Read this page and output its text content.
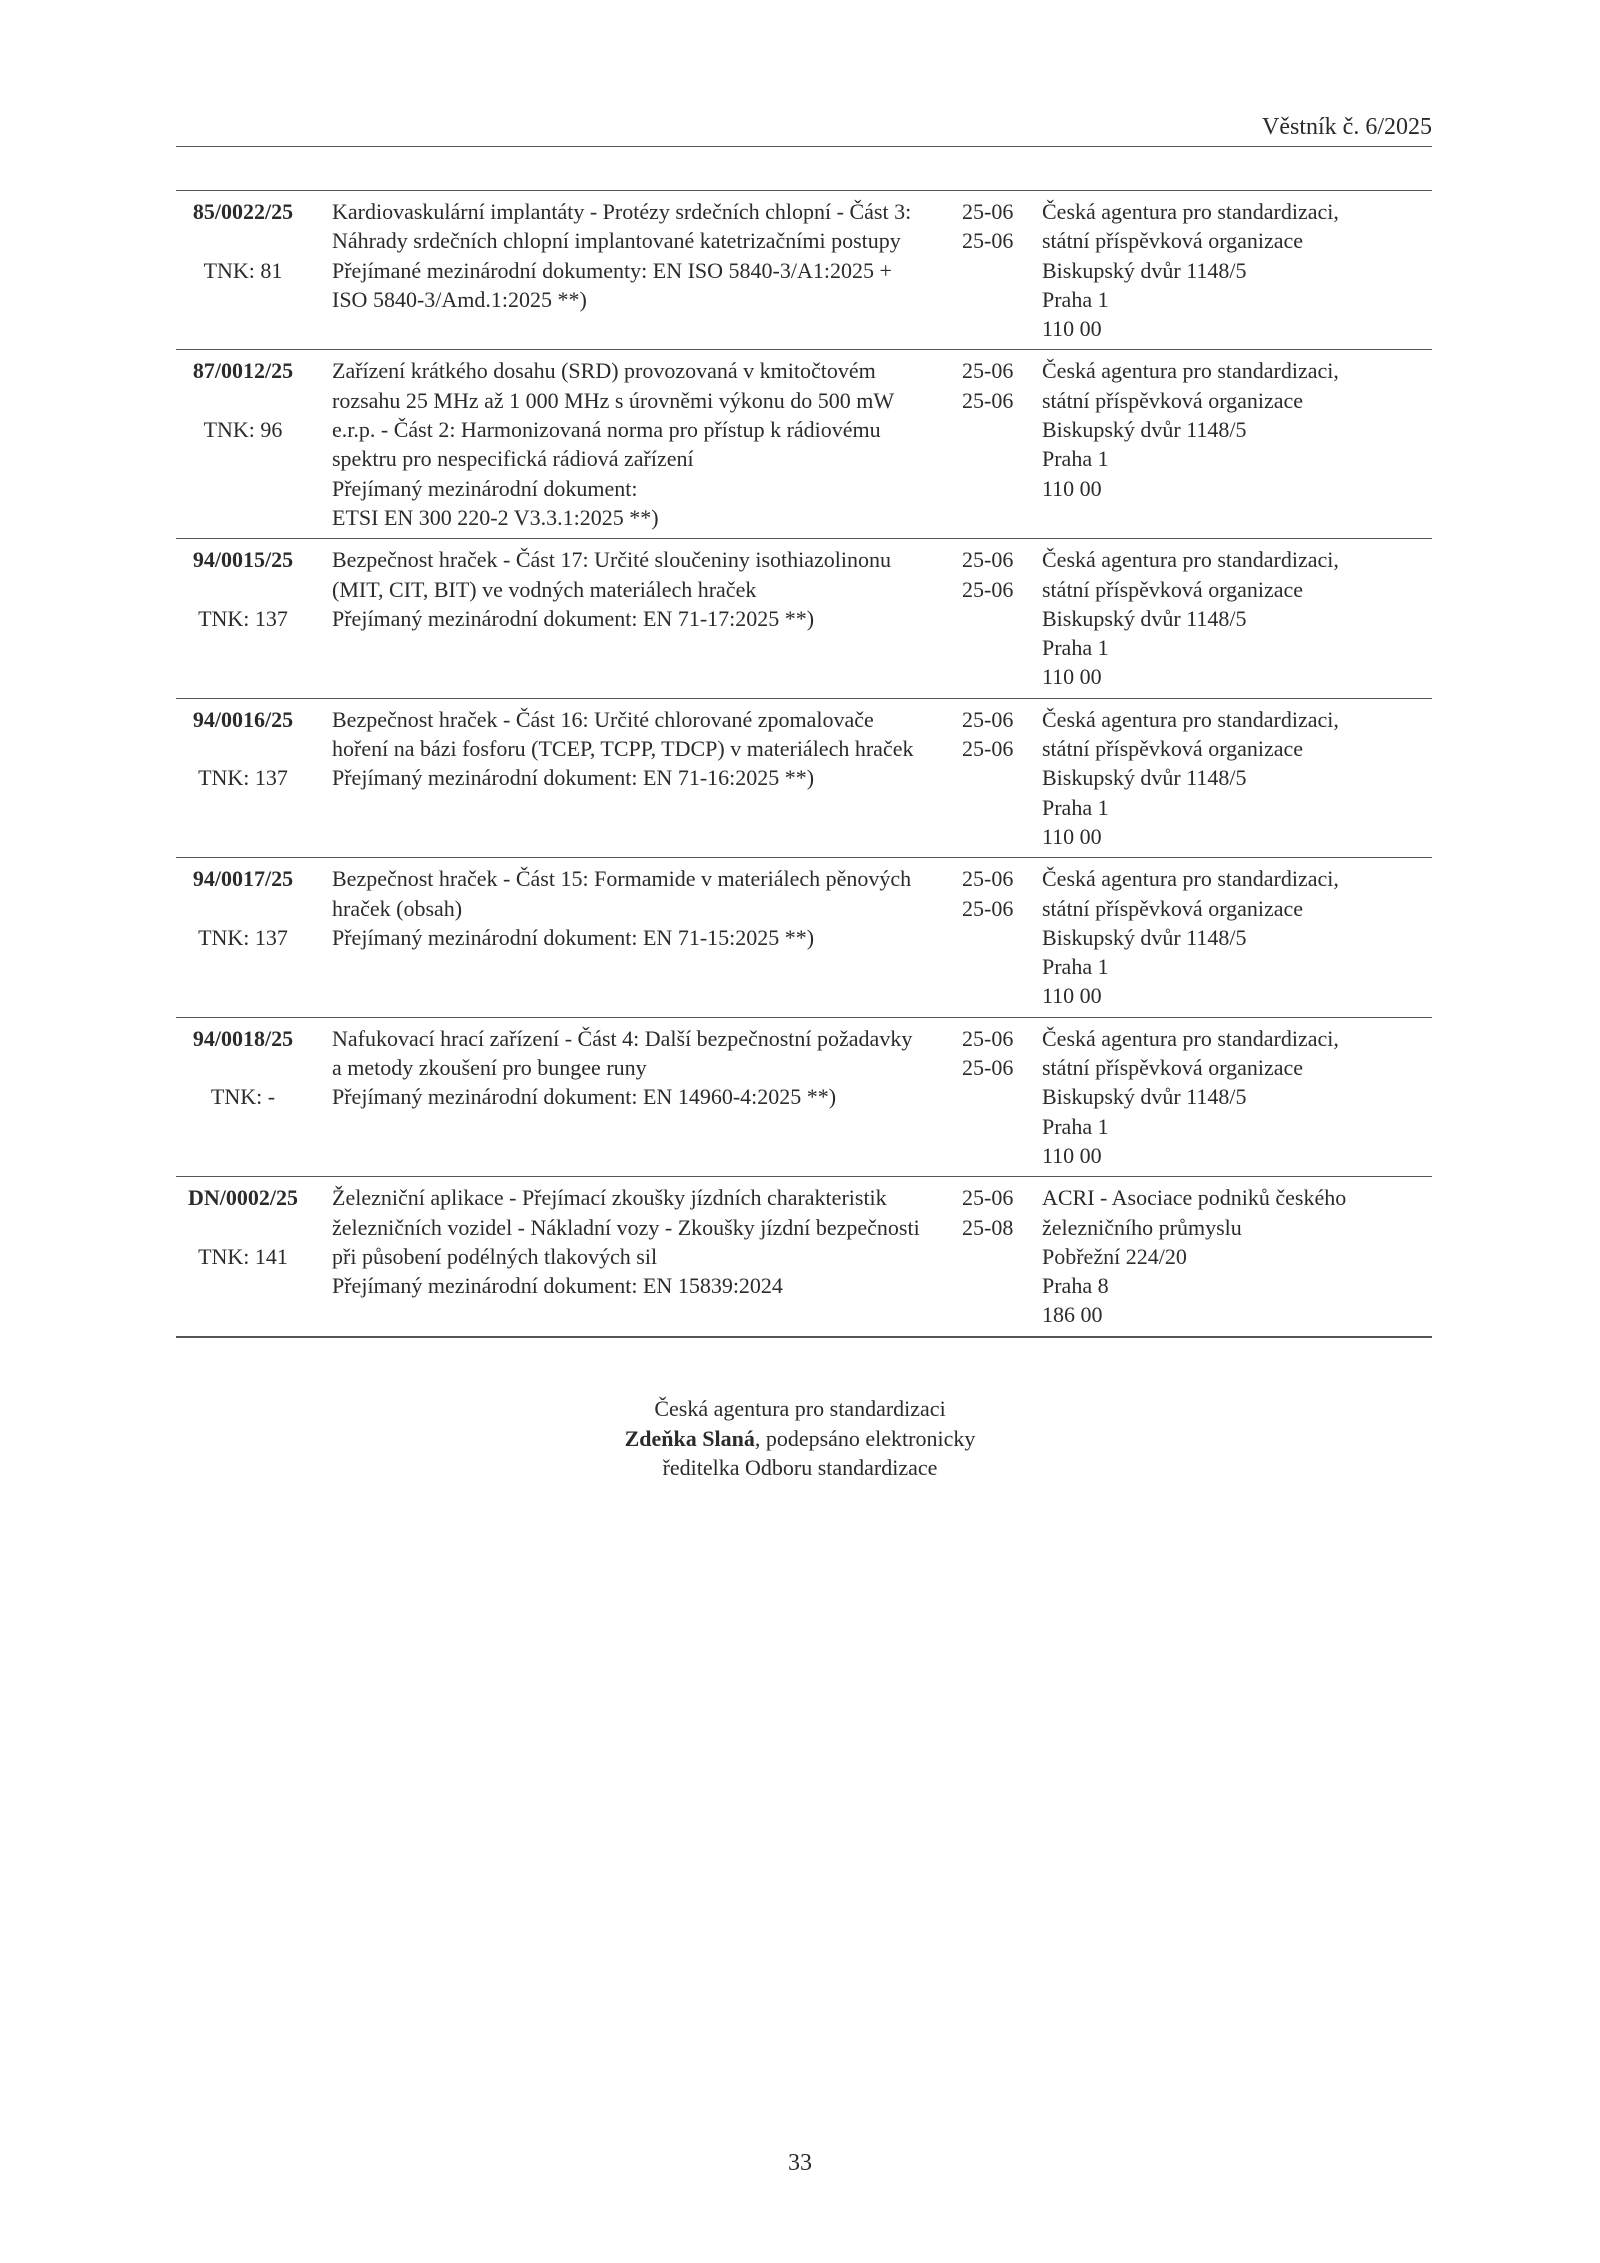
Věstník č. 6/2025
85/0022/25
TNK: 81
Kardiovaskulární implantáty - Protézy srdečních chlopní - Část 3:
Náhrady srdečních chlopní implantované katetrizačními postupy
Přejímané mezinárodní dokumenty: EN ISO 5840-3/A1:2025 +
ISO 5840-3/Amd.1:2025 **)
25-06
25-06
Česká agentura pro standardizaci,
státní příspěvková organizace
Biskupský dvůr 1148/5
Praha 1
110 00
87/0012/25
TNK: 96
Zařízení krátkého dosahu (SRD) provozovaná v kmitočtovém
rozsahu 25 MHz až 1 000 MHz s úrovněmi výkonu do 500 mW
e.r.p. - Část 2: Harmonizovaná norma pro přístup k rádiovému
spektru pro nespecifická rádiová zařízení
Přejímaný mezinárodní dokument:
ETSI EN 300 220-2 V3.3.1:2025 **)
25-06
25-06
Česká agentura pro standardizaci,
státní příspěvková organizace
Biskupský dvůr 1148/5
Praha 1
110 00
94/0015/25
TNK: 137
Bezpečnost hraček - Část 17: Určité sloučeniny isothiazolinonu
(MIT, CIT, BIT) ve vodných materiálech hraček
Přejímaný mezinárodní dokument: EN 71-17:2025 **)
25-06
25-06
Česká agentura pro standardizaci,
státní příspěvková organizace
Biskupský dvůr 1148/5
Praha 1
110 00
94/0016/25
TNK: 137
Bezpečnost hraček - Část 16: Určité chlorované zpomalovače
hoření na bázi fosforu (TCEP, TCPP, TDCP) v materiálech hraček
Přejímaný mezinárodní dokument: EN 71-16:2025 **)
25-06
25-06
Česká agentura pro standardizaci,
státní příspěvková organizace
Biskupský dvůr 1148/5
Praha 1
110 00
94/0017/25
TNK: 137
Bezpečnost hraček - Část 15: Formamide v materiálech pěnových
hraček (obsah)
Přejímaný mezinárodní dokument: EN 71-15:2025 **)
25-06
25-06
Česká agentura pro standardizaci,
státní příspěvková organizace
Biskupský dvůr 1148/5
Praha 1
110 00
94/0018/25
TNK: -
Nafukovací hrací zařízení - Část 4: Další bezpečnostní požadavky
a metody zkoušení pro bungee runy
Přejímaný mezinárodní dokument: EN 14960-4:2025 **)
25-06
25-06
Česká agentura pro standardizaci,
státní příspěvková organizace
Biskupský dvůr 1148/5
Praha 1
110 00
DN/0002/25
TNK: 141
Železniční aplikace - Přejímací zkoušky jízdních charakteristik
železničních vozidel - Nákladní vozy - Zkoušky jízdní bezpečnosti
při působení podélných tlakových sil
Přejímaný mezinárodní dokument: EN 15839:2024
25-06
25-08
ACRI - Asociace podniků českého
železničního průmyslu
Pobřežní 224/20
Praha 8
186 00
Česká agentura pro standardizaci
Zdeňka Slaná, podepsáno elektronicky
ředitelka Odboru standardizace
33
